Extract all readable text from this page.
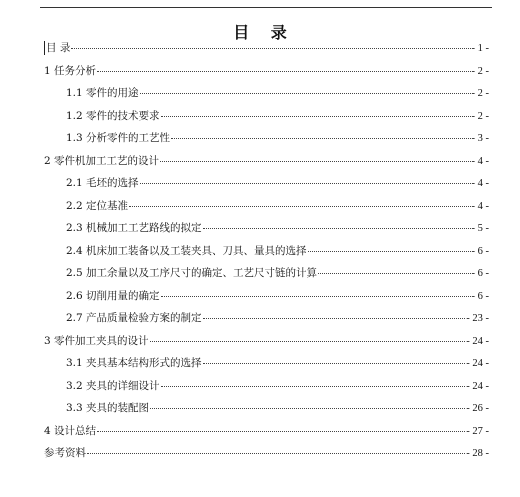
目 录
目 录	- 1 -
1 任务分析	- 2 -
1.1 零件的用途	- 2 -
1.2 零件的技术要求	- 2 -
1.3 分析零件的工艺性	- 3 -
2 零件机加工工艺的设计	- 4 -
2.1 毛坯的选择	- 4 -
2.2 定位基准	- 4 -
2.3 机械加工工艺路线的拟定	- 5 -
2.4 机床加工装备以及工装夹具、刀具、量具的选择	- 6 -
2.5 加工余量以及工序尺寸的确定、工艺尺寸链的计算	- 6 -
2.6 切削用量的确定	- 6 -
2.7 产品质量检验方案的制定	- 23 -
3 零件加工夹具的设计	- 24 -
3.1 夹具基本结构形式的选择	- 24 -
3.2 夹具的详细设计	- 24 -
3.3 夹具的装配图	- 26 -
4 设计总结	- 27 -
参考资料	- 28 -
